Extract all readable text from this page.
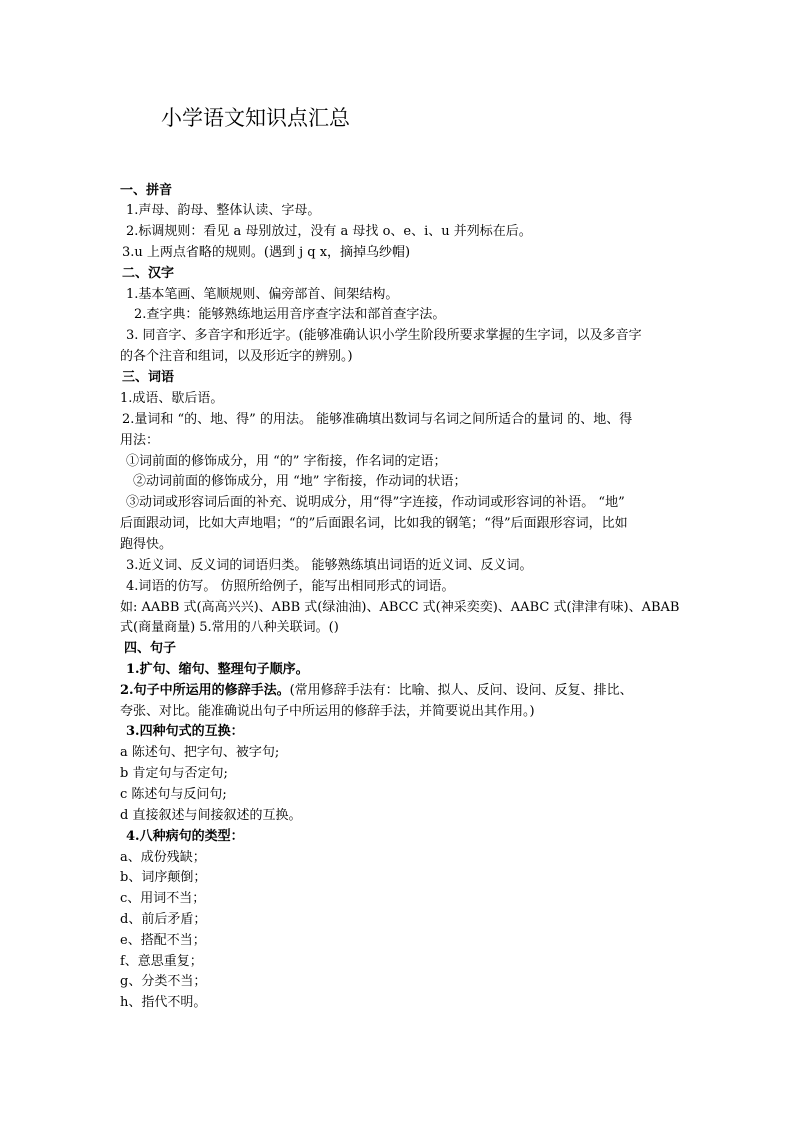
小学语文知识点汇总
一、拼音
1.声母、韵母、整体认读、字母。
2.标调规则：看见 a 母别放过，没有 a 母找 o、e、i、u 并列标在后。
3.u 上两点省略的规则。(遇到 j q x，摘掉乌纱帽)
二、汉字
1.基本笔画、笔顺规则、偏旁部首、间架结构。
2.查字典：能够熟练地运用音序查字法和部首查字法。
3. 同音字、多音字和形近字。(能够准确认识小学生阶段所要求掌握的生字词，以及多音字
的各个注音和组词，以及形近字的辨别。)
三、词语
1.成语、歇后语。
2.量词和 “的、地、得” 的用法。 能够准确填出数词与名词之间所适合的量词 的、地、得
用法：
①词前面的修饰成分，用 “的” 字衔接，作名词的定语；
②动词前面的修饰成分，用 “地” 字衔接，作动词的状语；
③动词或形容词后面的补充、说明成分，用“得”字连接，作动词或形容词的补语。 “地”
后面跟动词，比如大声地唱；“的”后面跟名词，比如我的钢笔；“得”后面跟形容词，比如
跑得快。
3.近义词、反义词的词语归类。 能够熟练填出词语的近义词、反义词。
4.词语的仿写。 仿照所给例子，能写出相同形式的词语。
如: AABB 式(高高兴兴)、ABB 式(绿油油)、ABCC 式(神采奕奕)、AABC 式(津津有味)、ABAB
式(商量商量) 5.常用的八种关联词。()
四、句子
1.扩句、缩句、整理句子顺序。
2.句子中所运用的修辞手法。(常用修辞手法有：比喻、拟人、反问、设问、反复、排比、
夸张、对比。能准确说出句子中所运用的修辞手法，并简要说出其作用。)
3.四种句式的互换：
a 陈述句、把字句、被字句;
b 肯定句与否定句;
c 陈述句与反问句;
d 直接叙述与间接叙述的互换。
4.八种病句的类型：
a、成份残缺；
b、词序颠倒；
c、用词不当；
d、前后矛盾；
e、搭配不当；
f、意思重复；
g、分类不当；
h、指代不明。
